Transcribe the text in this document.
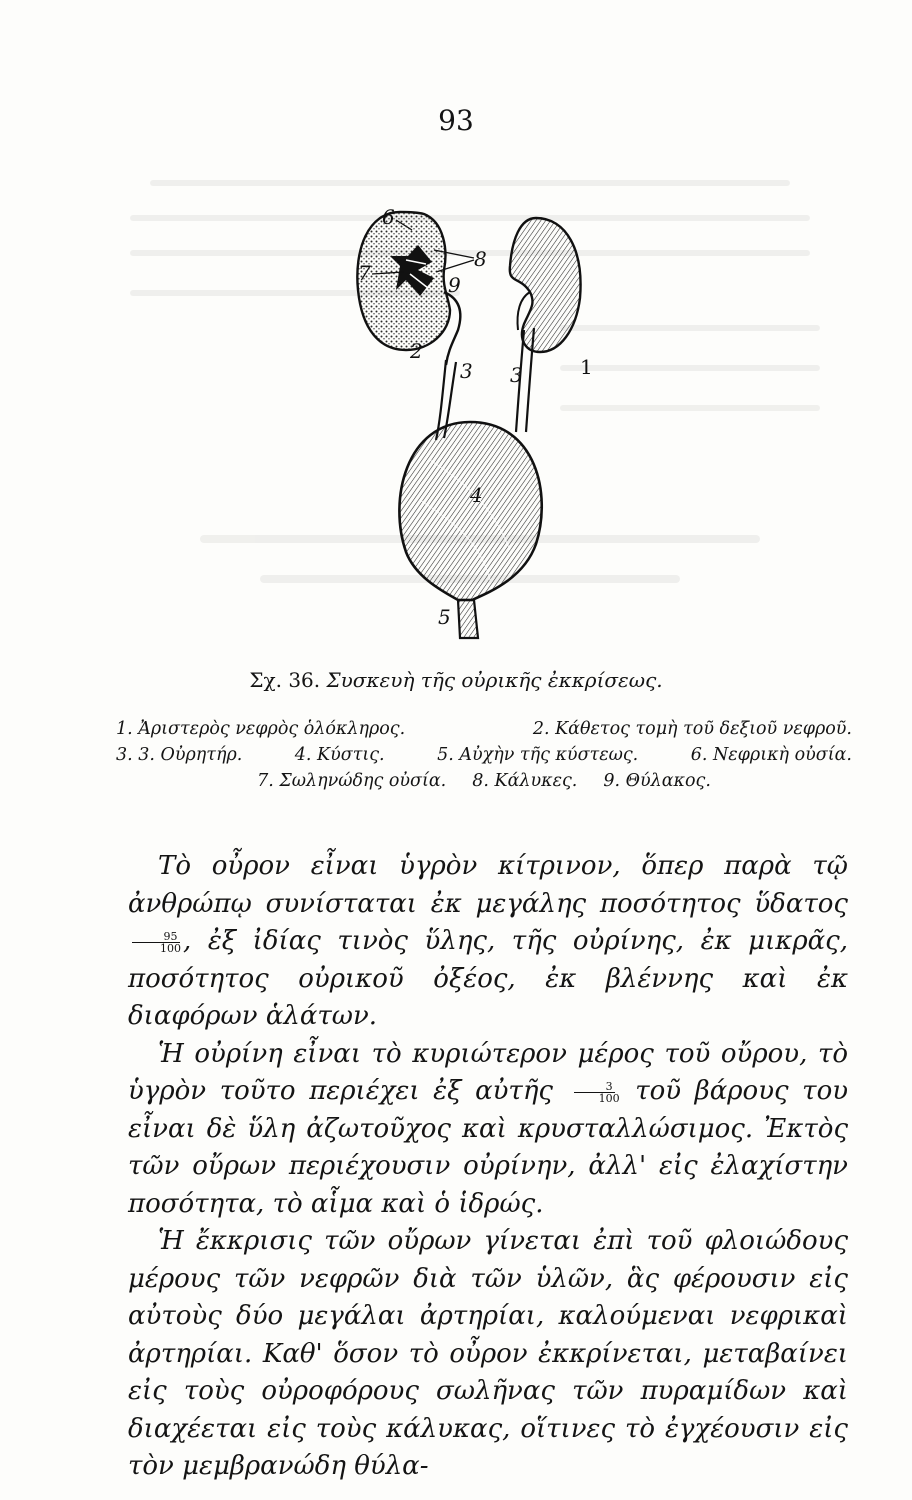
93
6
8
7	9
2
3 3	1
4
5
Σχ. 36. Συσκευὴ τῆς οὐρικῆς ἐκκρίσεως.
1. Ἀριστερὸς νεφρὸς ὁλόκληρος.	2. Κάθετος τομὴ τοῦ δεξιοῦ νεφροῦ.
3. 3. Οὐρητήρ.	4. Κύστις.	5. Αὐχὴν τῆς κύστεως.	6. Νεφρικὴ οὐσία.
7. Σωληνώδης οὐσία. 8. Κάλυκες. 9. Θύλακος.

Τὸ οὖρον εἶναι ὑγρὸν κίτρινον, ὅπερ παρὰ τῷ ἀνθρώπῳ συνίσταται ἐκ μεγάλης ποσότητος ὕδατος
$\frac{95}{100}$ , ἐξ ἰδίας τινὸς ὕλης, τῆς οὐρίνης, ἐκ μικρᾶς, ποσότητος οὐρικοῦ ὀξέος, ἐκ βλέννης καὶ ἐκ διαφόρων ἁλάτων.

Ἡ οὐρίνη εἶναι τὸ κυριώτερον μέρος τοῦ οὔρου, τὸ ὑγρὸν τοῦτο περιέχει ἐξ αὐτῆς $\frac{3}{100}$ τοῦ βάρους του εἶναι δὲ ὕλη ἀζωτοῦχος καὶ κρυσταλλώσιμος. Ἐκτὸς τῶν οὔρων περιέχουσιν οὐρίνην, ἀλλ' εἰς ἐλαχίστην ποσότητα, τὸ αἷμα καὶ ὁ ἱδρώς.

Ἡ ἔκκρισις τῶν οὔρων γίνεται ἐπὶ τοῦ φλοιώδους μέρους τῶν νεφρῶν διὰ τῶν ὑλῶν, ἃς φέρουσιν εἰς αὐτοὺς δύο μεγάλαι ἀρτηρίαι, καλούμεναι νεφρικαὶ ἀρτηρίαι. Καθ' ὅσον τὸ οὖρον ἐκκρίνεται, μεταβαίνει εἰς τοὺς οὐροφόρους σωλῆνας τῶν πυραμίδων καὶ διαχέεται εἰς τοὺς κάλυκας, οἵτινες τὸ ἐγχέουσιν εἰς τὸν μεμβρανώδη θύλα-
